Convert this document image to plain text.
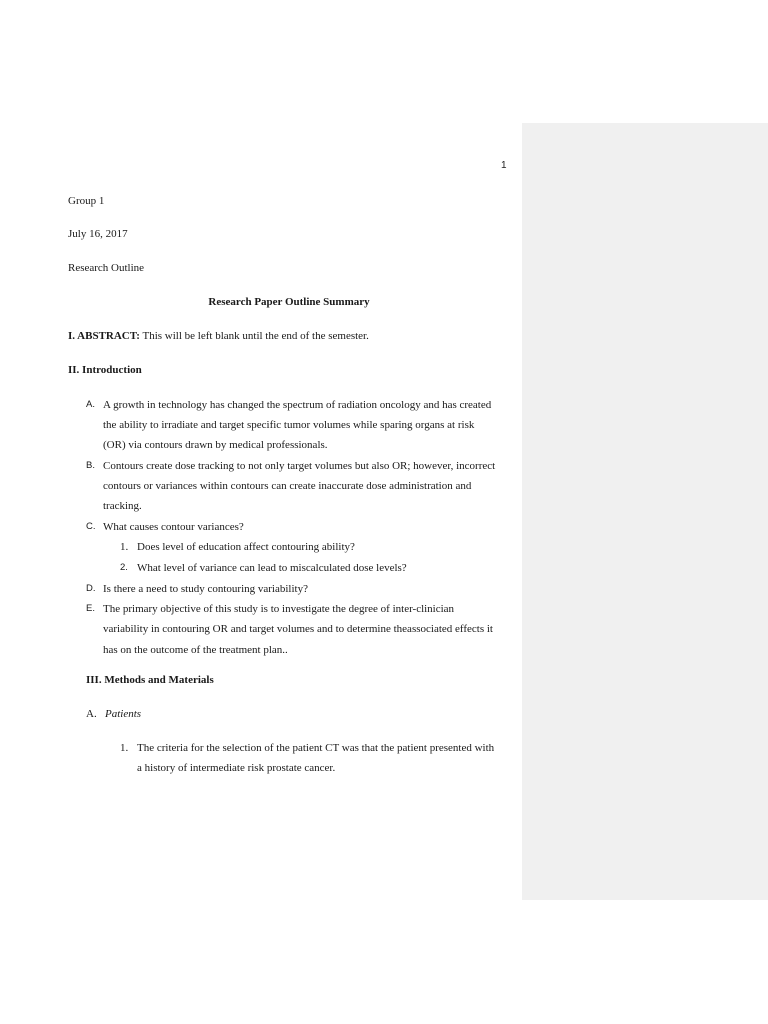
1
Group 1
July 16, 2017
Research Outline
Research Paper Outline Summary
I. ABSTRACT: This will be left blank until the end of the semester.
II. Introduction
A. A growth in technology has changed the spectrum of radiation oncology and has created
the ability to irradiate and target specific tumor volumes while sparing organs at risk
(OR) via contours drawn by medical professionals.
B. Contours create dose tracking to not only target volumes but also OR; however, incorrect
contours or variances within contours can create inaccurate dose administration and
tracking.
C. What causes contour variances?
1. Does level of education affect contouring ability?
2. What level of variance can lead to miscalculated dose levels?
D. Is there a need to study contouring variability?
E. The primary objective of this study is to investigate the degree of inter-clinician
variability in contouring OR and target volumes and to determine theassociated effects it
has on the outcome of the treatment plan..
III. Methods and Materials
A. Patients
1. The criteria for the selection of the patient CT was that the patient presented with
a history of intermediate risk prostate cancer.
